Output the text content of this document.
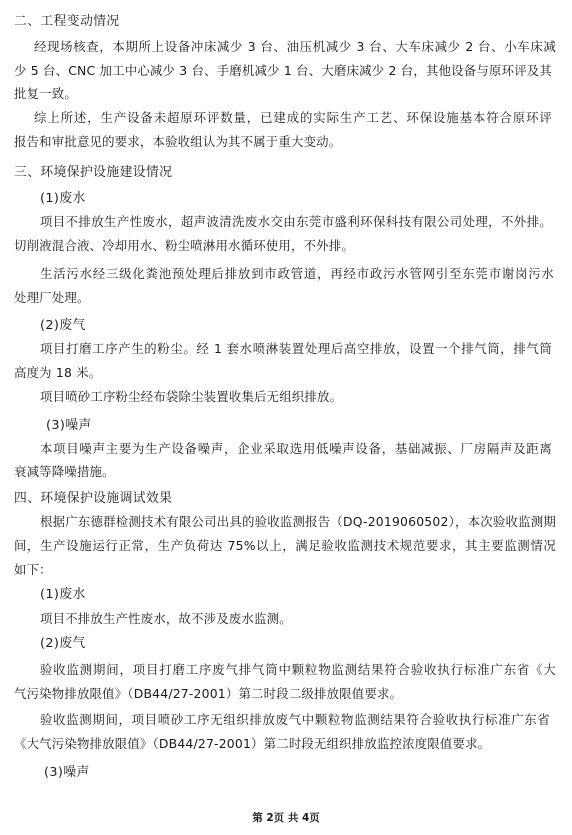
二、工程变动情况
经现场核查，本期所上设备冲床减少 3 台、油压机减少 3 台、大车床减少 2 台、小车床减
少 5 台、CNC 加工中心减少 3 台、手磨机减少 1 台、大磨床减少 2 台，其他设备与原环评及其
批复一致。
综上所述，生产设备未超原环评数量，已建成的实际生产工艺、环保设施基本符合原环评
报告和审批意见的要求，本验收组认为其不属于重大变动。
三、环境保护设施建设情况
(1)废水
项目不排放生产性废水，超声波清洗废水交由东莞市盛利环保科技有限公司处理，不外排。
切削液混合液、冷却用水、粉尘喷淋用水循环使用，不外排。
生活污水经三级化粪池预处理后排放到市政管道，再经市政污水管网引至东莞市谢岗污水
处理厂处理。
(2)废气
项目打磨工序产生的粉尘。经 1 套水喷淋装置处理后高空排放，设置一个排气筒，排气筒
高度为 18 米。
项目喷砂工序粉尘经布袋除尘装置收集后无组织排放。
(3)噪声
本项目噪声主要为生产设备噪声，企业采取选用低噪声设备，基础减振、厂房隔声及距离
衰减等降噪措施。
四、环境保护设施调试效果
根据广东德群检测技术有限公司出具的验收监测报告（DQ-2019060502），本次验收监测期
间，生产设施运行正常，生产负荷达 75%以上，满足验收监测技术规范要求，其主要监测情况
如下：
(1)废水
项目不排放生产性废水，故不涉及废水监测。
(2)废气
验收监测期间，项目打磨工序废气排气筒中颗粒物监测结果符合验收执行标准广东省《大
气污染物排放限值》（DB44/27-2001）第二时段二级排放限值要求。
验收监测期间，项目喷砂工序无组织排放废气中颗粒物监测结果符合验收执行标准广东省
《大气污染物排放限值》（DB44/27-2001）第二时段无组织排放监控浓度限值要求。
(3)噪声
第 2页 共 4页
